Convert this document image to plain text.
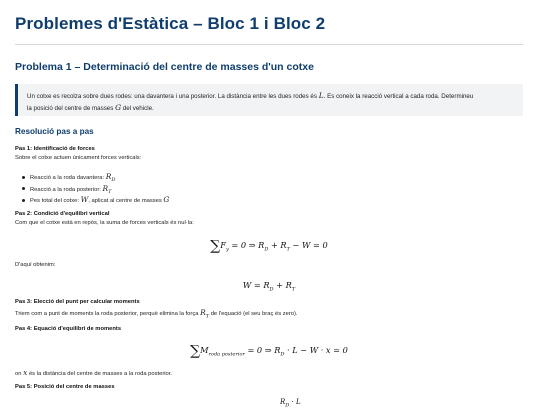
Problemes d'Estàtica – Bloc 1 i Bloc 2
Problema 1 – Determinació del centre de masses d'un cotxe
Un cotxe es recolza sobre dues rodes: una davantera i una posterior. La distància entre les dues rodes és L. Es coneix la reacció vertical a cada roda. Determineu
la posició del centre de masses G del vehicle.
Resolució pas a pas

Pas 1: Identificació de forces

Sobre el cotxe actuen únicament forces verticals:

Reacció a la roda davantera: $R_D$
Reacció a la roda posterior: $R_T$
Pes total del cotxe: W, aplicat al centre de masses G

Pas 2: Condició d'equilibri vertical

Com que el cotxe està en repòs, la suma de forces verticals és nul·la:

$\sum F_y = 0$ ⇒ $R_D + R_T - W = 0$

D'aquí obtenim:

$W = R_D + R_T$

Pas 3: Elecció del punt per calcular moments

Triem com a punt de moments la roda posterior, perquè elimina la força $R_T$ de l'equació (el seu braç és zero).

Pas 4: Equació d'equilibri de moments

$\sum M_{roda posterior} = 0$ ⇒ $R_D \cdot L - W \cdot x = 0$

on x és la distància del centre de masses a la roda posterior.

Pas 5: Posició del centre de masses

$R_D \cdot L$
